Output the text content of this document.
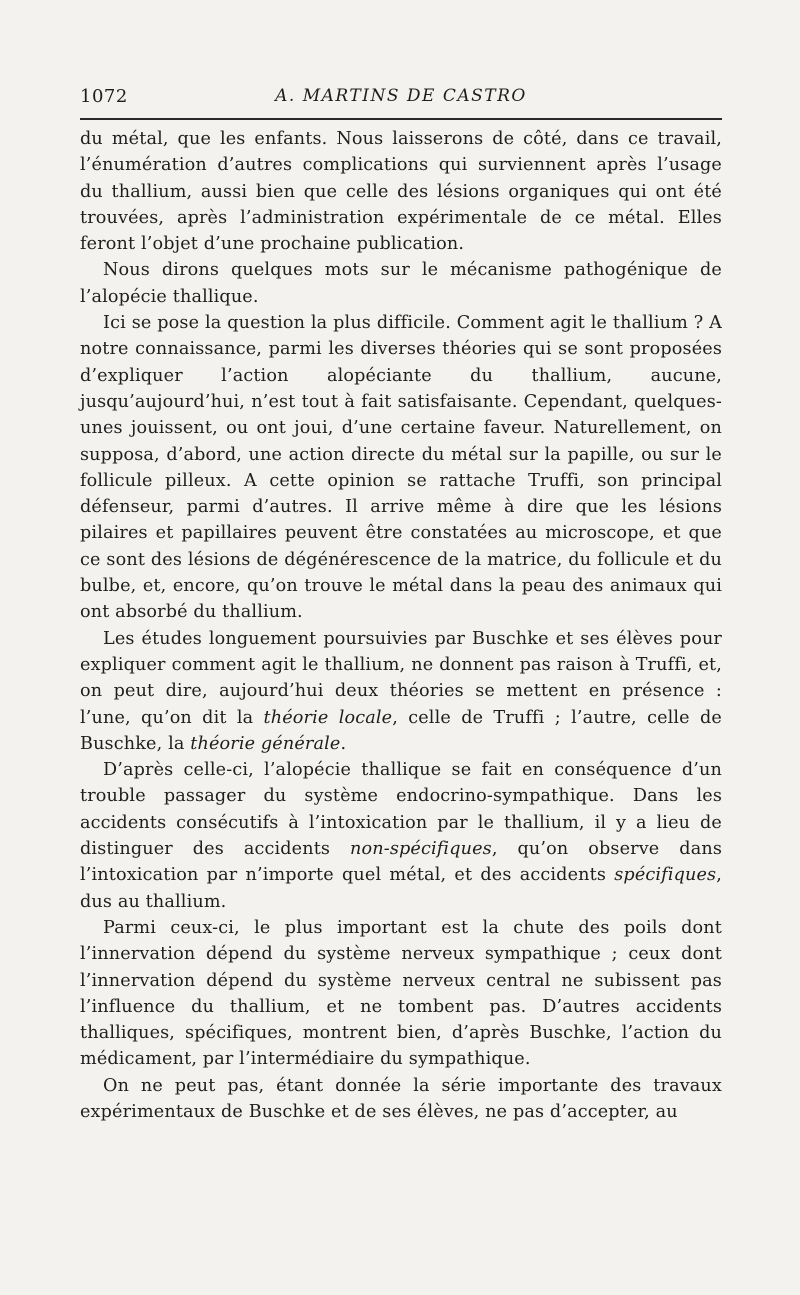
1072	A. MARTINS DE CASTRO

du métal, que les enfants. Nous laisserons de côté, dans ce travail, l’énumération d’autres complications qui surviennent après l’usage du thallium, aussi bien que celle des lésions organiques qui ont été trouvées, après l’administration expérimentale de ce métal. Elles feront l’objet d’une prochaine publication.

Nous dirons quelques mots sur le mécanisme pathogénique de l’alopécie thallique.

Ici se pose la question la plus difficile. Comment agit le thallium ? A notre connaissance, parmi les diverses théories qui se sont proposées d’expliquer l’action alopéciante du thallium, aucune, jusqu’aujourd’hui, n’est tout à fait satisfaisante. Cependant, quelques-unes jouissent, ou ont joui, d’une certaine faveur. Naturellement, on supposa, d’abord, une action directe du métal sur la papille, ou sur le follicule pilleux. A cette opinion se rattache Truffi, son principal défenseur, parmi d’autres. Il arrive même à dire que les lésions pilaires et papillaires peuvent être constatées au microscope, et que ce sont des lésions de dégénérescence de la matrice, du follicule et du bulbe, et, encore, qu’on trouve le métal dans la peau des animaux qui ont absorbé du thallium.

Les études longuement poursuivies par Buschke et ses élèves pour expliquer comment agit le thallium, ne donnent pas raison à Truffi, et, on peut dire, aujourd’hui deux théories se mettent en présence : l’une, qu’on dit la théorie locale, celle de Truffi ; l’autre, celle de Buschke, la théorie générale.

D’après celle-ci, l’alopécie thallique se fait en conséquence d’un trouble passager du système endocrino-sympathique. Dans les accidents consécutifs à l’intoxication par le thallium, il y a lieu de distinguer des accidents non-spécifiques, qu’on observe dans l’intoxication par n’importe quel métal, et des accidents spécifiques, dus au thallium.

Parmi ceux-ci, le plus important est la chute des poils dont l’innervation dépend du système nerveux sympathique ; ceux dont l’innervation dépend du système nerveux central ne subissent pas l’influence du thallium, et ne tombent pas. D’autres accidents thalliques, spécifiques, montrent bien, d’après Buschke, l’action du médicament, par l’intermédiaire du sympathique.

On ne peut pas, étant donnée la série importante des travaux expérimentaux de Buschke et de ses élèves, ne pas d’accepter, au
